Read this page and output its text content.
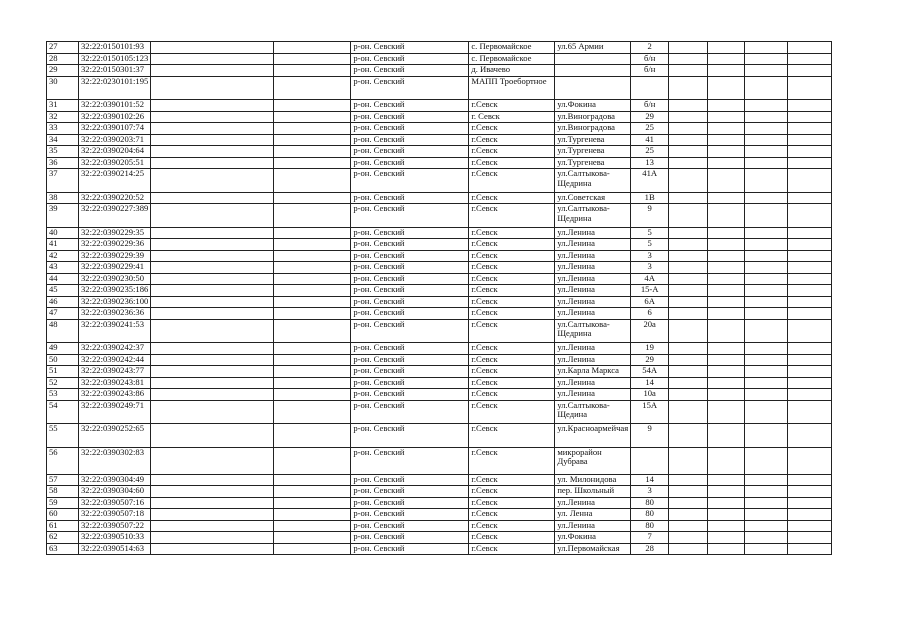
27	32:22:0150101:93			р-он. Севский	с. Первомайское	ул.65 Армии	2				
28	32:22:0150105:123			р-он. Севский	с. Первомайское		б/н				
29	32:22:0150301:37			р-он. Севский	д. Ивачево		б/н				
30	32:22:0230101:195			р-он. Севский	МАПП Троебортное						
31	32:22:0390101:52			р-он. Севский	г.Севск	ул.Фокина	б/н				
32	32:22:0390102:26			р-он. Севский	г. Севск	ул.Виноградова	29				
33	32:22:0390107:74			р-он. Севский	г.Севск	ул.Виноградова	25				
34	32:22:0390203:71			р-он. Севский	г.Севск	ул.Тургенева	41				
35	32:22:0390204:64			р-он. Севский	г.Севск	ул.Тургенева	25				
36	32:22:0390205:51			р-он. Севский	г.Севск	ул.Тургенева	13				
37	32:22:0390214:25			р-он. Севский	г.Севск	ул.Салтыкова-Щедрина	41А				
38	32:22:0390220:52			р-он. Севский	г.Севск	ул.Советская	1В				
39	32:22:0390227:389			р-он. Севский	г.Севск	ул.Салтыкова-Щедрина	9				
40	32:22:0390229:35			р-он. Севский	г.Севск	ул.Ленина	5				
41	32:22:0390229:36			р-он. Севский	г.Севск	ул.Ленина	5				
42	32:22:0390229:39			р-он. Севский	г.Севск	ул.Ленина	3				
43	32:22:0390229:41			р-он. Севский	г.Севск	ул.Ленина	3				
44	32:22:0390230:50			р-он. Севский	г.Севск	ул.Ленина	4А				
45	32:22:0390235:186			р-он. Севский	г.Севск	ул.Ленина	15-А				
46	32:22:0390236:100			р-он. Севский	г.Севск	ул.Ленина	6А				
47	32:22:0390236:36			р-он. Севский	г.Севск	ул.Ленина	6				
48	32:22:0390241:53			р-он. Севский	г.Севск	ул.Салтыкова-Щедрина	20а				
49	32:22:0390242:37			р-он. Севский	г.Севск	ул.Ленина	19				
50	32:22:0390242:44			р-он. Севский	г.Севск	ул.Ленина	29				
51	32:22:0390243:77			р-он. Севский	г.Севск	ул.Карла Маркса	54А				
52	32:22:0390243:81			р-он. Севский	г.Севск	ул.Ленина	14				
53	32:22:0390243:86			р-он. Севский	г.Севск	ул.Ленина	10а				
54	32:22:0390249:71			р-он. Севский	г.Севск	ул.Салтыкова-Щедина	15А				
55	32:22:0390252:65			р-он. Севский	г.Севск	ул.Красноармейчая	9				
56	32:22:0390302:83			р-он. Севский	г.Севск	микрорайон Дубрава					
57	32:22:0390304:49			р-он. Севский	г.Севск	ул. Милонидова	14				
58	32:22:0390304:60			р-он. Севский	г.Севск	пер. Школьный	3				
59	32:22:0390507:16			р-он. Севский	г.Севск	ул.Ленина	80				
60	32:22:0390507:18			р-он. Севский	г.Севск	ул. Ленна	80				
61	32:22:0390507:22			р-он. Севский	г.Севск	ул.Ленина	80				
62	32:22:0390510:33			р-он. Севский	г.Севск	ул.Фокина	7				
63	32:22:0390514:63			р-он. Севский	г.Севск	ул.Первомайская	28				
